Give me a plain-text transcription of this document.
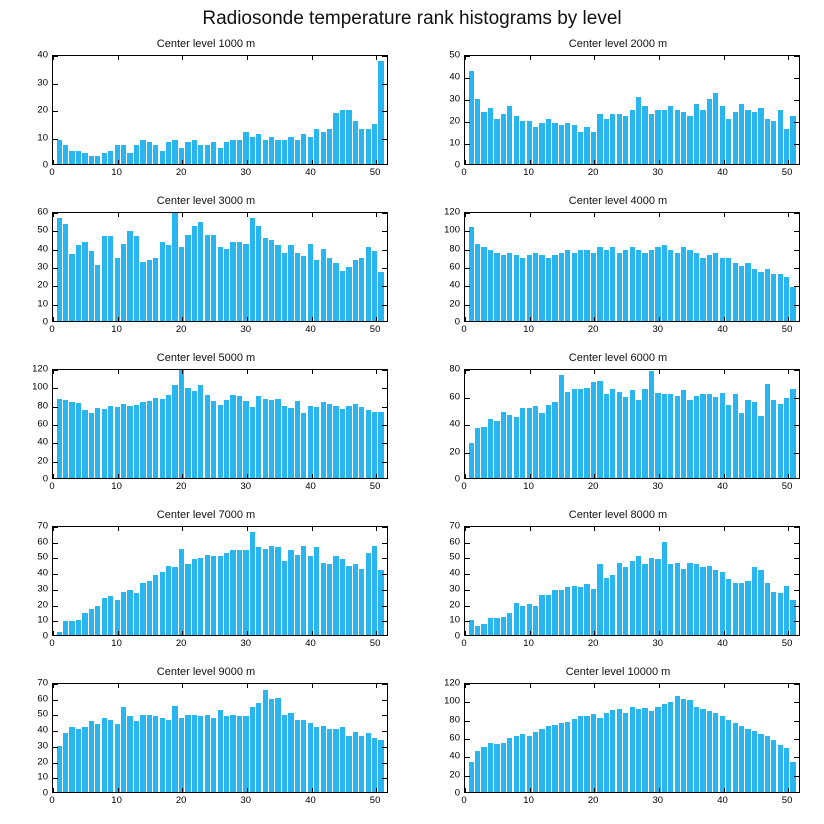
Radiosonde temperature rank histograms by level
Center level 1000 m
0
10
20
30
40
0	10	20	30	40	50
Center level 2000 m
0
10
20
30
40
50
0	10	20	30	40	50
Center level 3000 m
0
10
20
30
40
50
60
0	10	20	30	40	50
Center level 4000 m
0
20
40
60
80
100
120
0	10	20	30	40	50
Center level 5000 m
0
20
40
60
80
100
120
0	10	20	30	40	50
Center level 6000 m
0
20
40
60
80
0	10	20	30	40	50
Center level 7000 m
0
10
20
30
40
50
60
70
0	10	20	30	40	50
Center level 8000 m
0
10
20
30
40
50
60
70
0	10	20	30	40	50
Center level 9000 m
0
10
20
30
40
50
60
70
0	10	20	30	40	50
Center level 10000 m
0
20
40
60
80
100
120
0	10	20	30	40	50
